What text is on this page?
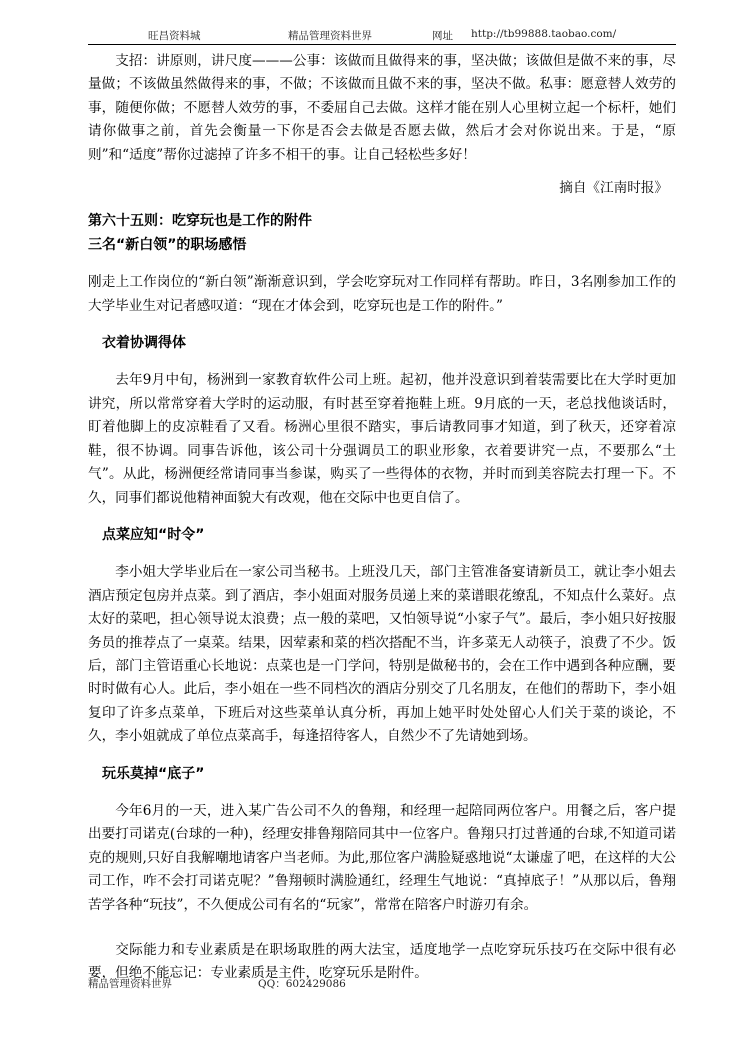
旺昌资料城	精品管理资料世界	网址 http://tb99888.taobao.com/

支招：讲原则，讲尺度———公事：该做而且做得来的事，坚决做；该做但是做不来的事，尽量做；不该做虽然做得来的事，不做；不该做而且做不来的事，坚决不做。私事：愿意替人效劳的事，随便你做；不愿替人效劳的事，不委屈自己去做。这样才能在别人心里树立起一个标杆，她们请你做事之前，首先会衡量一下你是否会去做是否愿去做，然后才会对你说出来。于是，“原则”和“适度”帮你过滤掉了许多不相干的事。让自己轻松些多好！

摘自《江南时报》

第六十五则：吃穿玩也是工作的附件

三名“新白领”的职场感悟

刚走上工作岗位的“新白领”渐渐意识到，学会吃穿玩对工作同样有帮助。昨日，3名刚参加工作的大学毕业生对记者感叹道：“现在才体会到，吃穿玩也是工作的附件。”

衣着协调得体

去年9月中旬，杨洲到一家教育软件公司上班。起初，他并没意识到着装需要比在大学时更加讲究，所以常常穿着大学时的运动服，有时甚至穿着拖鞋上班。9月底的一天，老总找他谈话时，盯着他脚上的皮凉鞋看了又看。杨洲心里很不踏实，事后请教同事才知道，到了秋天，还穿着凉鞋，很不协调。同事告诉他，该公司十分强调员工的职业形象，衣着要讲究一点，不要那么“土气”。从此，杨洲便经常请同事当参谋，购买了一些得体的衣物，并时而到美容院去打理一下。不久，同事们都说他精神面貌大有改观，他在交际中也更自信了。

点菜应知“时令”

李小姐大学毕业后在一家公司当秘书。上班没几天，部门主管准备宴请新员工，就让李小姐去酒店预定包房并点菜。到了酒店，李小姐面对服务员递上来的菜谱眼花缭乱，不知点什么菜好。点太好的菜吧，担心领导说太浪费；点一般的菜吧，又怕领导说“小家子气”。最后，李小姐只好按服务员的推荐点了一桌菜。结果，因荤素和菜的档次搭配不当，许多菜无人动筷子，浪费了不少。饭后，部门主管语重心长地说：点菜也是一门学问，特别是做秘书的，会在工作中遇到各种应酬，要时时做有心人。此后，李小姐在一些不同档次的酒店分别交了几名朋友，在他们的帮助下，李小姐复印了许多点菜单，下班后对这些菜单认真分析，再加上她平时处处留心人们关于菜的谈论，不久，李小姐就成了单位点菜高手，每逢招待客人，自然少不了先请她到场。

玩乐莫掉“底子”

今年6月的一天，进入某广告公司不久的鲁翔，和经理一起陪同两位客户。用餐之后，客户提出要打司诺克(台球的一种)，经理安排鲁翔陪同其中一位客户。鲁翔只打过普通的台球,不知道司诺克的规则,只好自我解嘲地请客户当老师。为此,那位客户满脸疑惑地说“太谦虚了吧，在这样的大公司工作，咋不会打司诺克呢？”鲁翔顿时满脸通红，经理生气地说：“真掉底子！”从那以后，鲁翔苦学各种“玩技”，不久便成公司有名的“玩家”，常常在陪客户时游刃有余。

交际能力和专业素质是在职场取胜的两大法宝，适度地学一点吃穿玩乐技巧在交际中很有必要，但绝不能忘记：专业素质是主件，吃穿玩乐是附件。

精品管理资料世界	QQ：602429086
